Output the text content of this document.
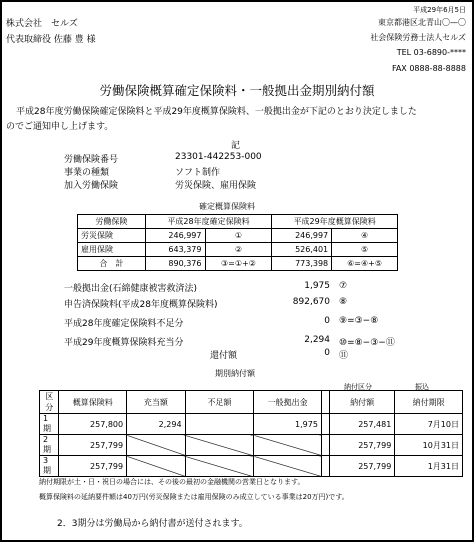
平成29年6月5日
株式会社　セルズ
代表取締役 佐藤 豊 様
東京都港区北青山〇—〇
社会保険労務士法人セルズ
TEL 03-6890-****
FAX 0888-88-8888
労働保険概算確定保険料・一般拠出金期別納付額
平成28年度労働保険確定保険料と平成29年度概算保険料、一般拠出金が下記のとおり決定しました
のでご通知申し上げます。
記
労働保険番号	23301-442253-000
事業の種類	ソフト制作
加入労働保険	労災保険、雇用保険
確定概算保険料
労働保険	平成28年度確定保険料		平成29年度概算保険料	
労災保険	246,997	①	246,997	④
雇用保険	643,379	②	526,401	⑤
合　計	890,376	③=①+②	773,398	⑥=④+⑤
一般拠出金(石綿健康被害救済法)	1,975 ⑦
申告済保険料(平成28年度概算保険料)	892,670 ⑧
平成28年度確定保険料不足分	0 ⑨=③−⑧
平成29年度概算保険料充当分	2,294 ⑩=⑧−③−⑪
還付額	0 ⑪
期別納付額
納付区分	振込
区分	概算保険料	充当額	不足額	一般拠出金		納付額	納付期限
1期	257,800	2,294		1,975		257,481	7月10日
2期	257,799					257,799	10月31日
3期	257,799					257,799	1月31日
納付期限が土・日・祝日の場合には、その後の最初の金融機関の営業日となります。
概算保険料の延納要件額は40万円(労災保険または雇用保険のみ成立している事業は20万円)です。
2．3期分は労働局から納付書が送付されます。
